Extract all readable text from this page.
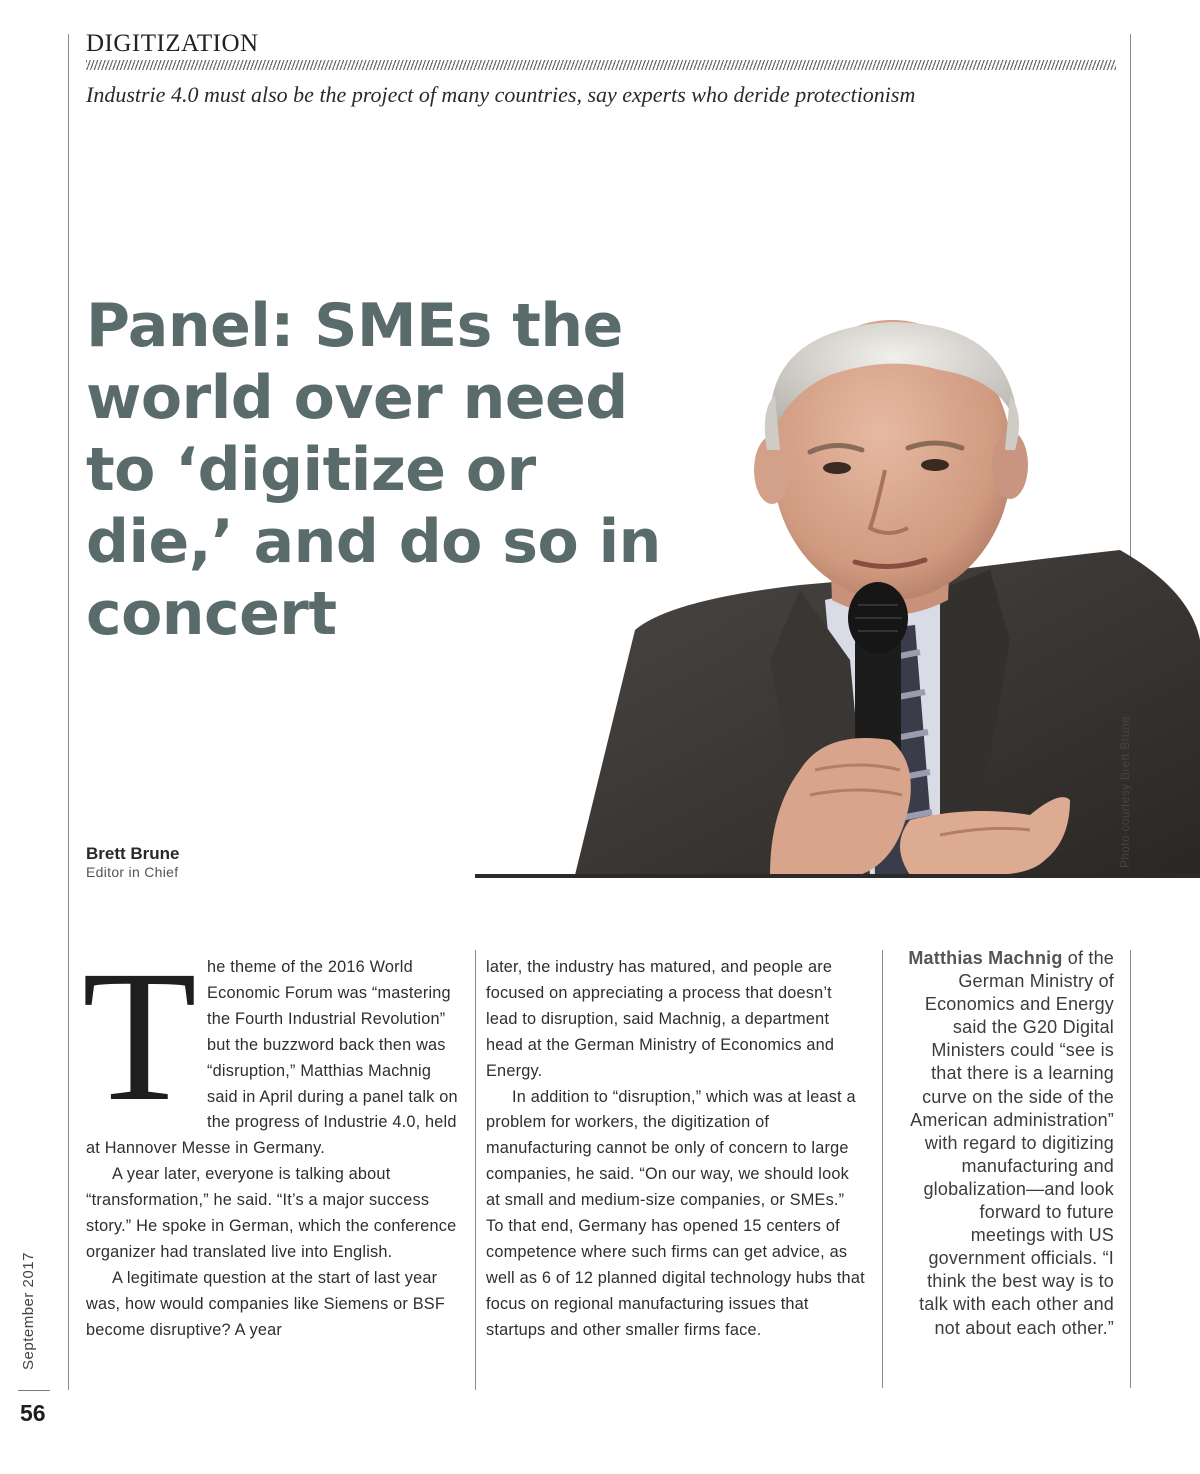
DIGITIZATION
Industrie 4.0 must also be the project of many countries, say experts who deride protectionism
Panel: SMEs the world over need to ‘digitize or die,’ and do so in concert
Photo courtesy Brett Brune
Brett Brune
Editor in Chief
T he theme of the 2016 World Economic Forum was “mastering the Fourth Industrial Revolution” but the buzzword back then was “disruption,” Matthias Machnig said in April during a panel talk on the progress of Industrie 4.0, held at Hannover Messe in Germany.

A year later, everyone is talking about “transformation,” he said. “It’s a major success story.” He spoke in German, which the conference organizer had translated live into English.

A legitimate question at the start of last year was, how would companies like Siemens or BSF become disruptive? A year

later, the industry has matured, and people are focused on appreciating a process that doesn’t lead to disruption, said Machnig, a department head at the German Ministry of Economics and Energy.

In addition to “disruption,” which was at least a problem for workers, the digitization of manufacturing cannot be only of concern to large companies, he said. “On our way, we should look at small and medium-size companies, or SMEs.” To that end, Germany has opened 15 centers of competence where such firms can get advice, as well as 6 of 12 planned digital technology hubs that focus on regional manufacturing issues that startups and other smaller firms face.

Matthias Machnig of the German Ministry of Economics and Energy said the G20 Digital Ministers could “see is that there is a learning curve on the side of the American administration” with regard to digitizing manufacturing and globalization—and look forward to future meetings with US government officials. “I think the best way is to talk with each other and not about each other.”
September 2017
56
